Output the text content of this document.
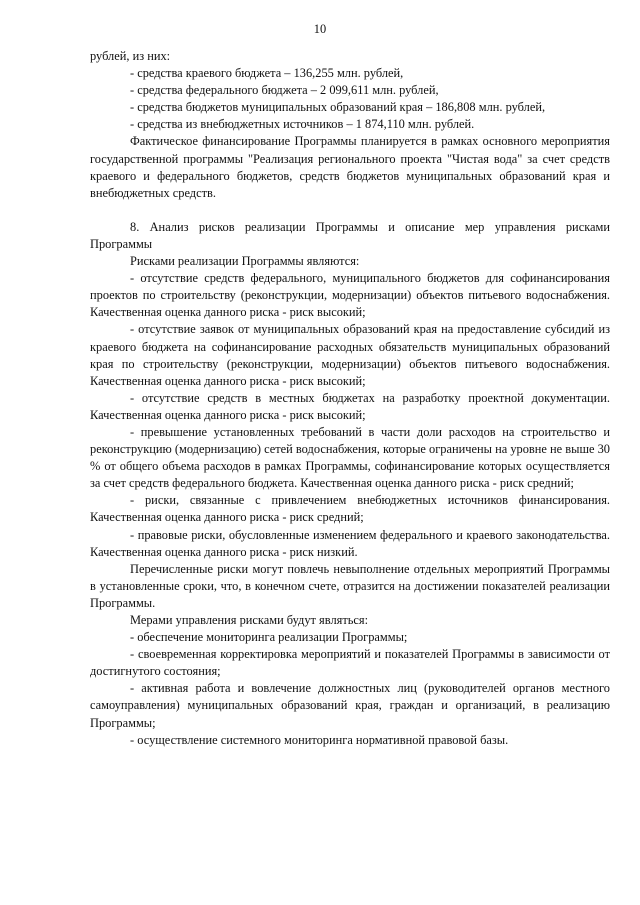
10

рублей, из них:

- средства краевого бюджета – 136,255 млн. рублей,

- средства федерального бюджета – 2 099,611 млн. рублей,

- средства бюджетов муниципальных образований края – 186,808 млн. рублей,

- средства из внебюджетных источников – 1 874,110 млн. рублей.

Фактическое финансирование Программы планируется в рамках основного мероприятия государственной программы "Реализация регионального проекта "Чистая вода" за счет средств краевого и федерального бюджетов, средств бюджетов муниципальных образований края и внебюджетных средств.

8. Анализ рисков реализации Программы и описание мер управления рисками Программы

Рисками реализации Программы являются:

- отсутствие средств федерального, муниципального бюджетов для софинансирования проектов по строительству (реконструкции, модернизации) объектов питьевого водоснабжения. Качественная оценка данного риска - риск высокий;

- отсутствие заявок от муниципальных образований края на предоставление субсидий из краевого бюджета на софинансирование расходных обязательств муниципальных образований края по строительству (реконструкции, модернизации) объектов питьевого водоснабжения. Качественная оценка данного риска - риск высокий;

- отсутствие средств в местных бюджетах на разработку проектной документации. Качественная оценка данного риска - риск высокий;

- превышение установленных требований в части доли расходов на строительство и реконструкцию (модернизацию) сетей водоснабжения, которые ограничены на уровне не выше 30 % от общего объема расходов в рамках Программы, софинансирование которых осуществляется за счет средств федерального бюджета. Качественная оценка данного риска - риск средний;

- риски, связанные с привлечением внебюджетных источников финансирования. Качественная оценка данного риска - риск средний;

- правовые риски, обусловленные изменением федерального и краевого законодательства. Качественная оценка данного риска - риск низкий.

Перечисленные риски могут повлечь невыполнение отдельных мероприятий Программы в установленные сроки, что, в конечном счете, отразится на достижении показателей реализации Программы.

Мерами управления рисками будут являться:

- обеспечение мониторинга реализации Программы;

- своевременная корректировка мероприятий и показателей Программы в зависимости от достигнутого состояния;

- активная работа и вовлечение должностных лиц (руководителей органов местного самоуправления) муниципальных образований края, граждан и организаций, в реализацию Программы;

- осуществление системного мониторинга нормативной правовой базы.
